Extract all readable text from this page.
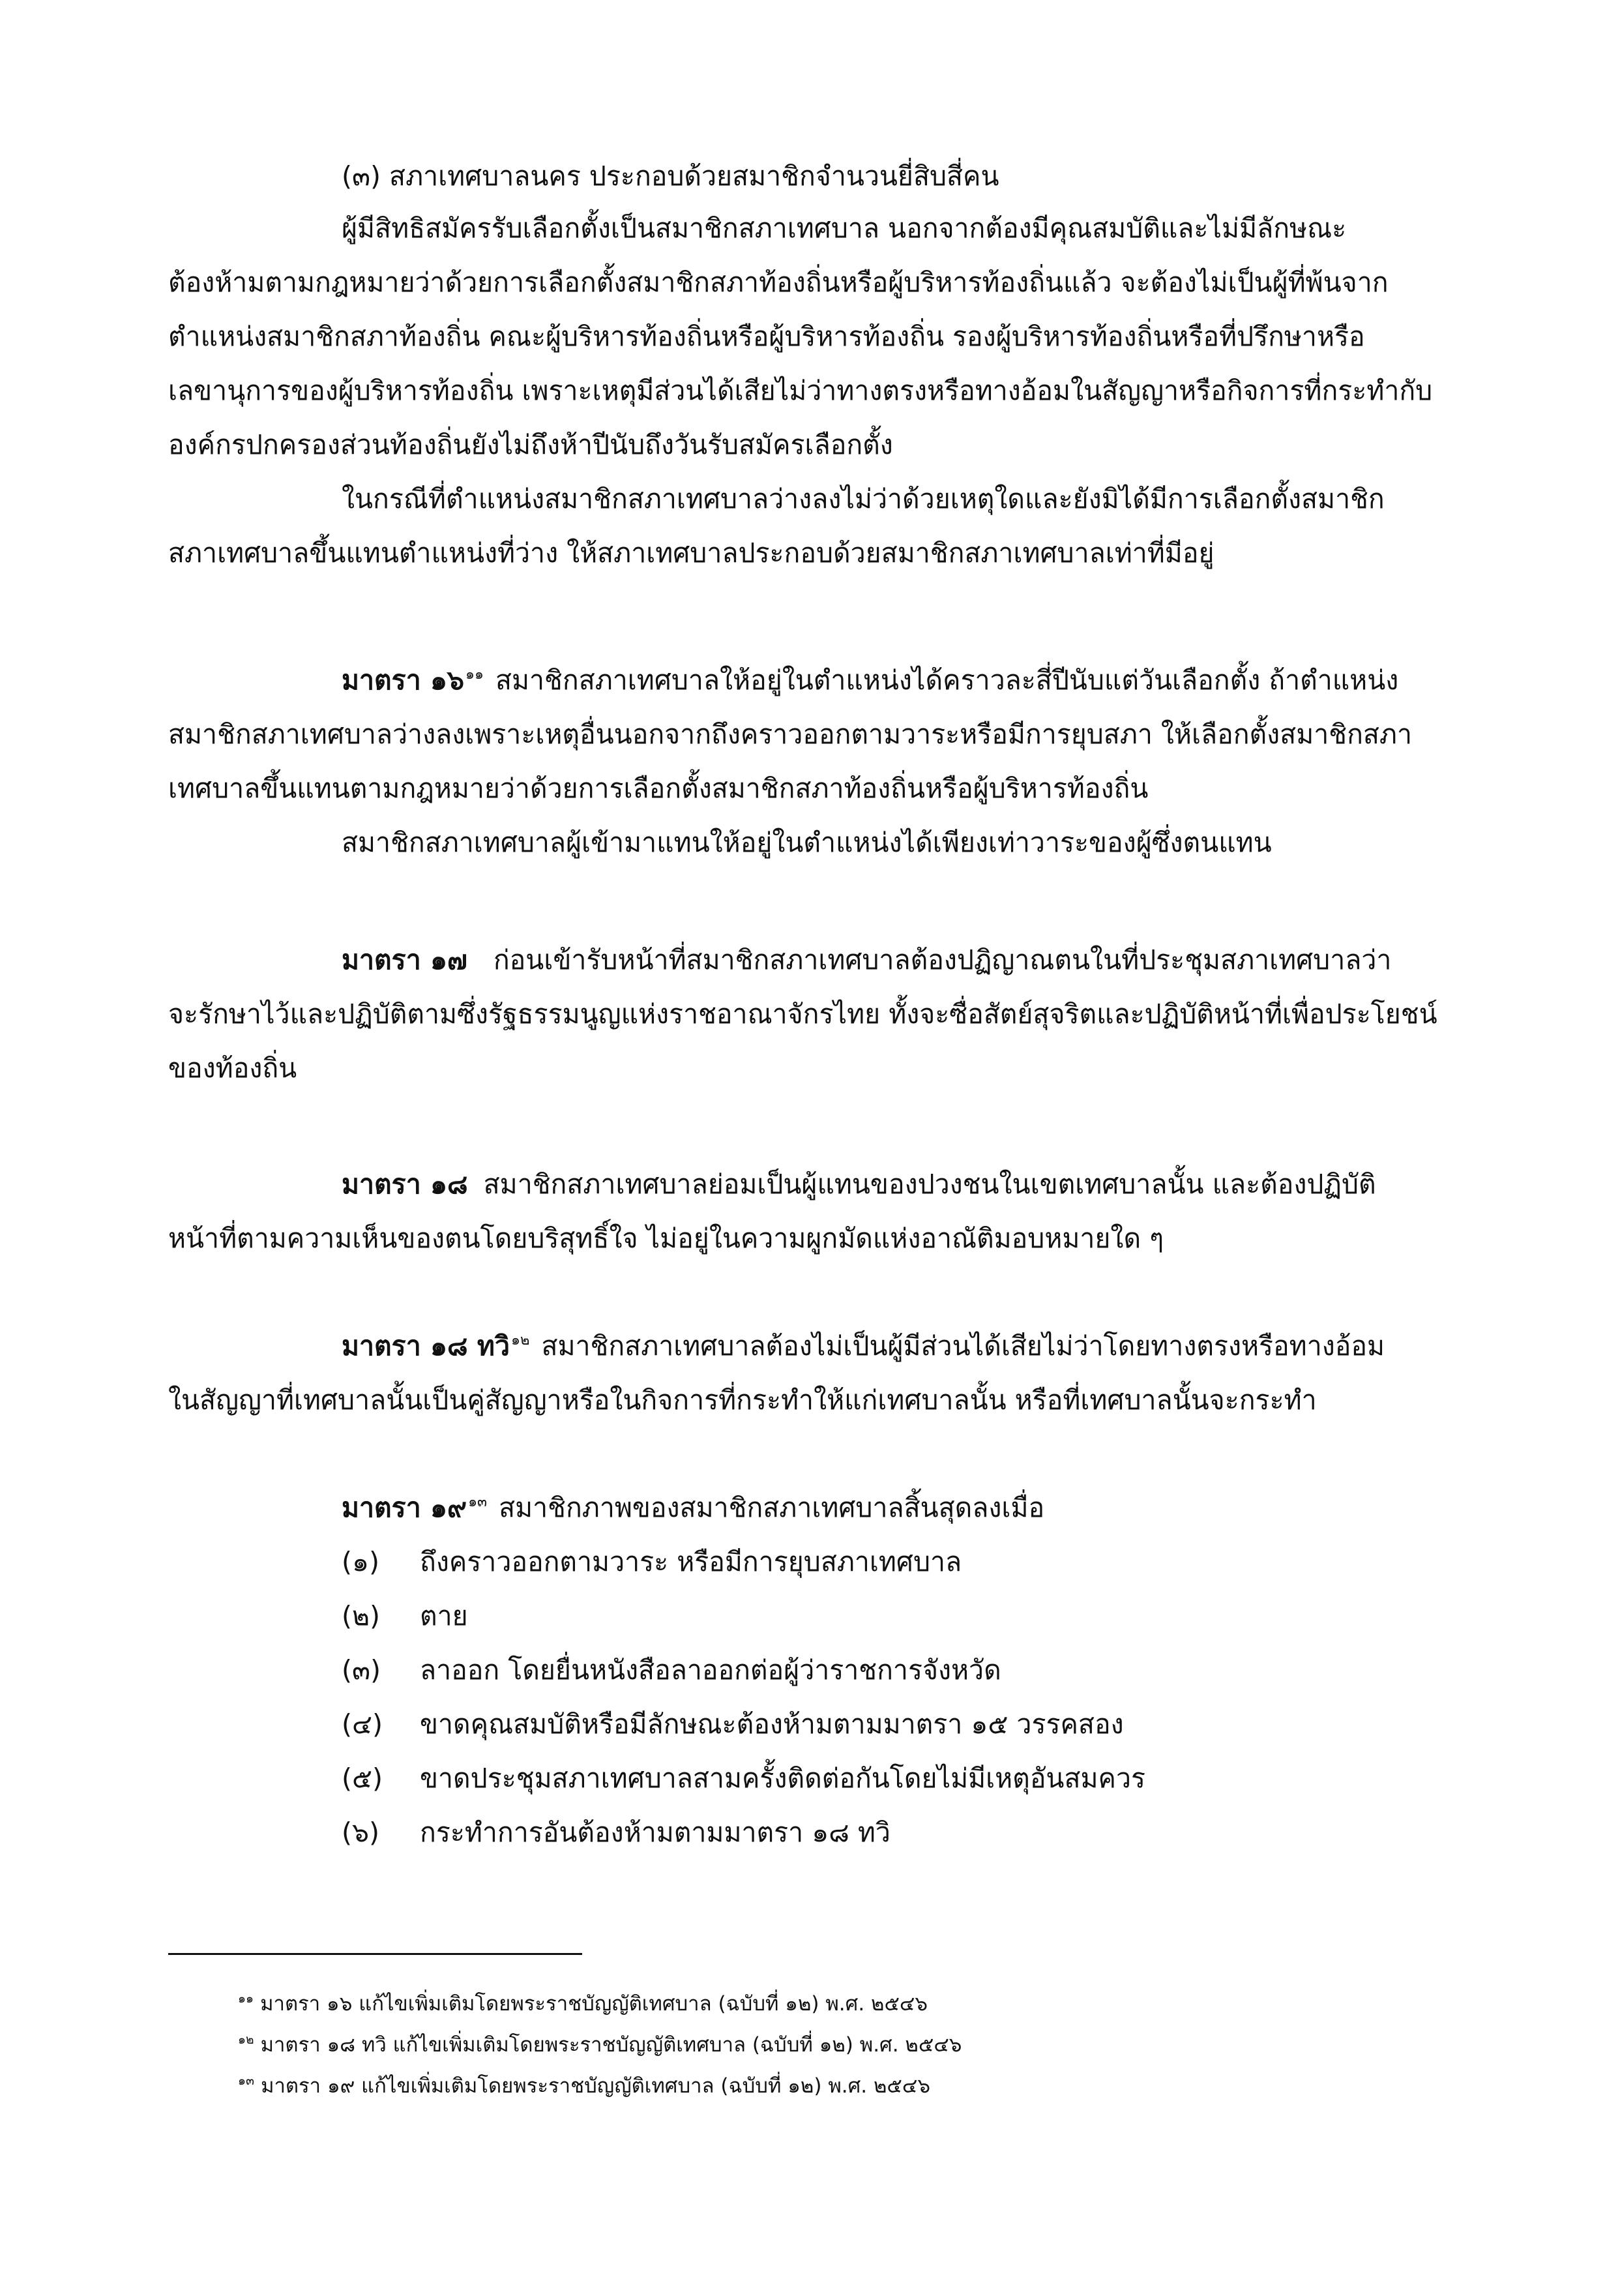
(๓) สภาเทศบาลนคร ประกอบด้วยสมาชิกจำนวนยี่สิบสี่คน
ผู้มีสิทธิสมัครรับเลือกตั้งเป็นสมาชิกสภาเทศบาล นอกจากต้องมีคุณสมบัติและไม่มีลักษณะ
ต้องห้ามตามกฎหมายว่าด้วยการเลือกตั้งสมาชิกสภาท้องถิ่นหรือผู้บริหารท้องถิ่นแล้ว จะต้องไม่เป็นผู้ที่พ้นจาก
ตำแหน่งสมาชิกสภาท้องถิ่น คณะผู้บริหารท้องถิ่นหรือผู้บริหารท้องถิ่น รองผู้บริหารท้องถิ่นหรือที่ปรึกษาหรือ
เลขานุการของผู้บริหารท้องถิ่น เพราะเหตุมีส่วนได้เสียไม่ว่าทางตรงหรือทางอ้อมในสัญญาหรือกิจการที่กระทำกับ
องค์กรปกครองส่วนท้องถิ่นยังไม่ถึงห้าปีนับถึงวันรับสมัครเลือกตั้ง
ในกรณีที่ตำแหน่งสมาชิกสภาเทศบาลว่างลงไม่ว่าด้วยเหตุใดและยังมิได้มีการเลือกตั้งสมาชิก
สภาเทศบาลขึ้นแทนตำแหน่งที่ว่าง ให้สภาเทศบาลประกอบด้วยสมาชิกสภาเทศบาลเท่าที่มีอยู่
มาตรา ๑๖$^{๑๑}$ สมาชิกสภาเทศบาลให้อยู่ในตำแหน่งได้คราวละสี่ปีนับแต่วันเลือกตั้ง ถ้าตำแหน่ง
สมาชิกสภาเทศบาลว่างลงเพราะเหตุอื่นนอกจากถึงคราวออกตามวาระหรือมีการยุบสภา ให้เลือกตั้งสมาชิกสภา
เทศบาลขึ้นแทนตามกฎหมายว่าด้วยการเลือกตั้งสมาชิกสภาท้องถิ่นหรือผู้บริหารท้องถิ่น
สมาชิกสภาเทศบาลผู้เข้ามาแทนให้อยู่ในตำแหน่งได้เพียงเท่าวาระของผู้ซึ่งตนแทน
มาตรา ๑๗ ก่อนเข้ารับหน้าที่สมาชิกสภาเทศบาลต้องปฏิญาณตนในที่ประชุมสภาเทศบาลว่า
จะรักษาไว้และปฏิบัติตามซึ่งรัฐธรรมนูญแห่งราชอาณาจักรไทย ทั้งจะซื่อสัตย์สุจริตและปฏิบัติหน้าที่เพื่อประโยชน์
ของท้องถิ่น
มาตรา ๑๘ สมาชิกสภาเทศบาลย่อมเป็นผู้แทนของปวงชนในเขตเทศบาลนั้น และต้องปฏิบัติ
หน้าที่ตามความเห็นของตนโดยบริสุทธิ์ใจ ไม่อยู่ในความผูกมัดแห่งอาณัติมอบหมายใด ๆ
มาตรา ๑๘ ทวิ$^{๑๒}$ สมาชิกสภาเทศบาลต้องไม่เป็นผู้มีส่วนได้เสียไม่ว่าโดยทางตรงหรือทางอ้อม
ในสัญญาที่เทศบาลนั้นเป็นคู่สัญญาหรือในกิจการที่กระทำให้แก่เทศบาลนั้น หรือที่เทศบาลนั้นจะกระทำ
มาตรา ๑๙$^{๑๓}$ สมาชิกภาพของสมาชิกสภาเทศบาลสิ้นสุดลงเมื่อ
(๑) ถึงคราวออกตามวาระ หรือมีการยุบสภาเทศบาล
(๒) ตาย
(๓) ลาออก โดยยื่นหนังสือลาออกต่อผู้ว่าราชการจังหวัด
(๔) ขาดคุณสมบัติหรือมีลักษณะต้องห้ามตามมาตรา ๑๕ วรรคสอง
(๕) ขาดประชุมสภาเทศบาลสามครั้งติดต่อกันโดยไม่มีเหตุอันสมควร
(๖) กระทำการอันต้องห้ามตามมาตรา ๑๘ ทวิ
$^{๑๑}$ มาตรา ๑๖ แก้ไขเพิ่มเติมโดยพระราชบัญญัติเทศบาล (ฉบับที่ ๑๒) พ.ศ. ๒๕๔๖
$^{๑๒}$ มาตรา ๑๘ ทวิ แก้ไขเพิ่มเติมโดยพระราชบัญญัติเทศบาล (ฉบับที่ ๑๒) พ.ศ. ๒๕๔๖
$^{๑๓}$ มาตรา ๑๙ แก้ไขเพิ่มเติมโดยพระราชบัญญัติเทศบาล (ฉบับที่ ๑๒) พ.ศ. ๒๕๔๖
